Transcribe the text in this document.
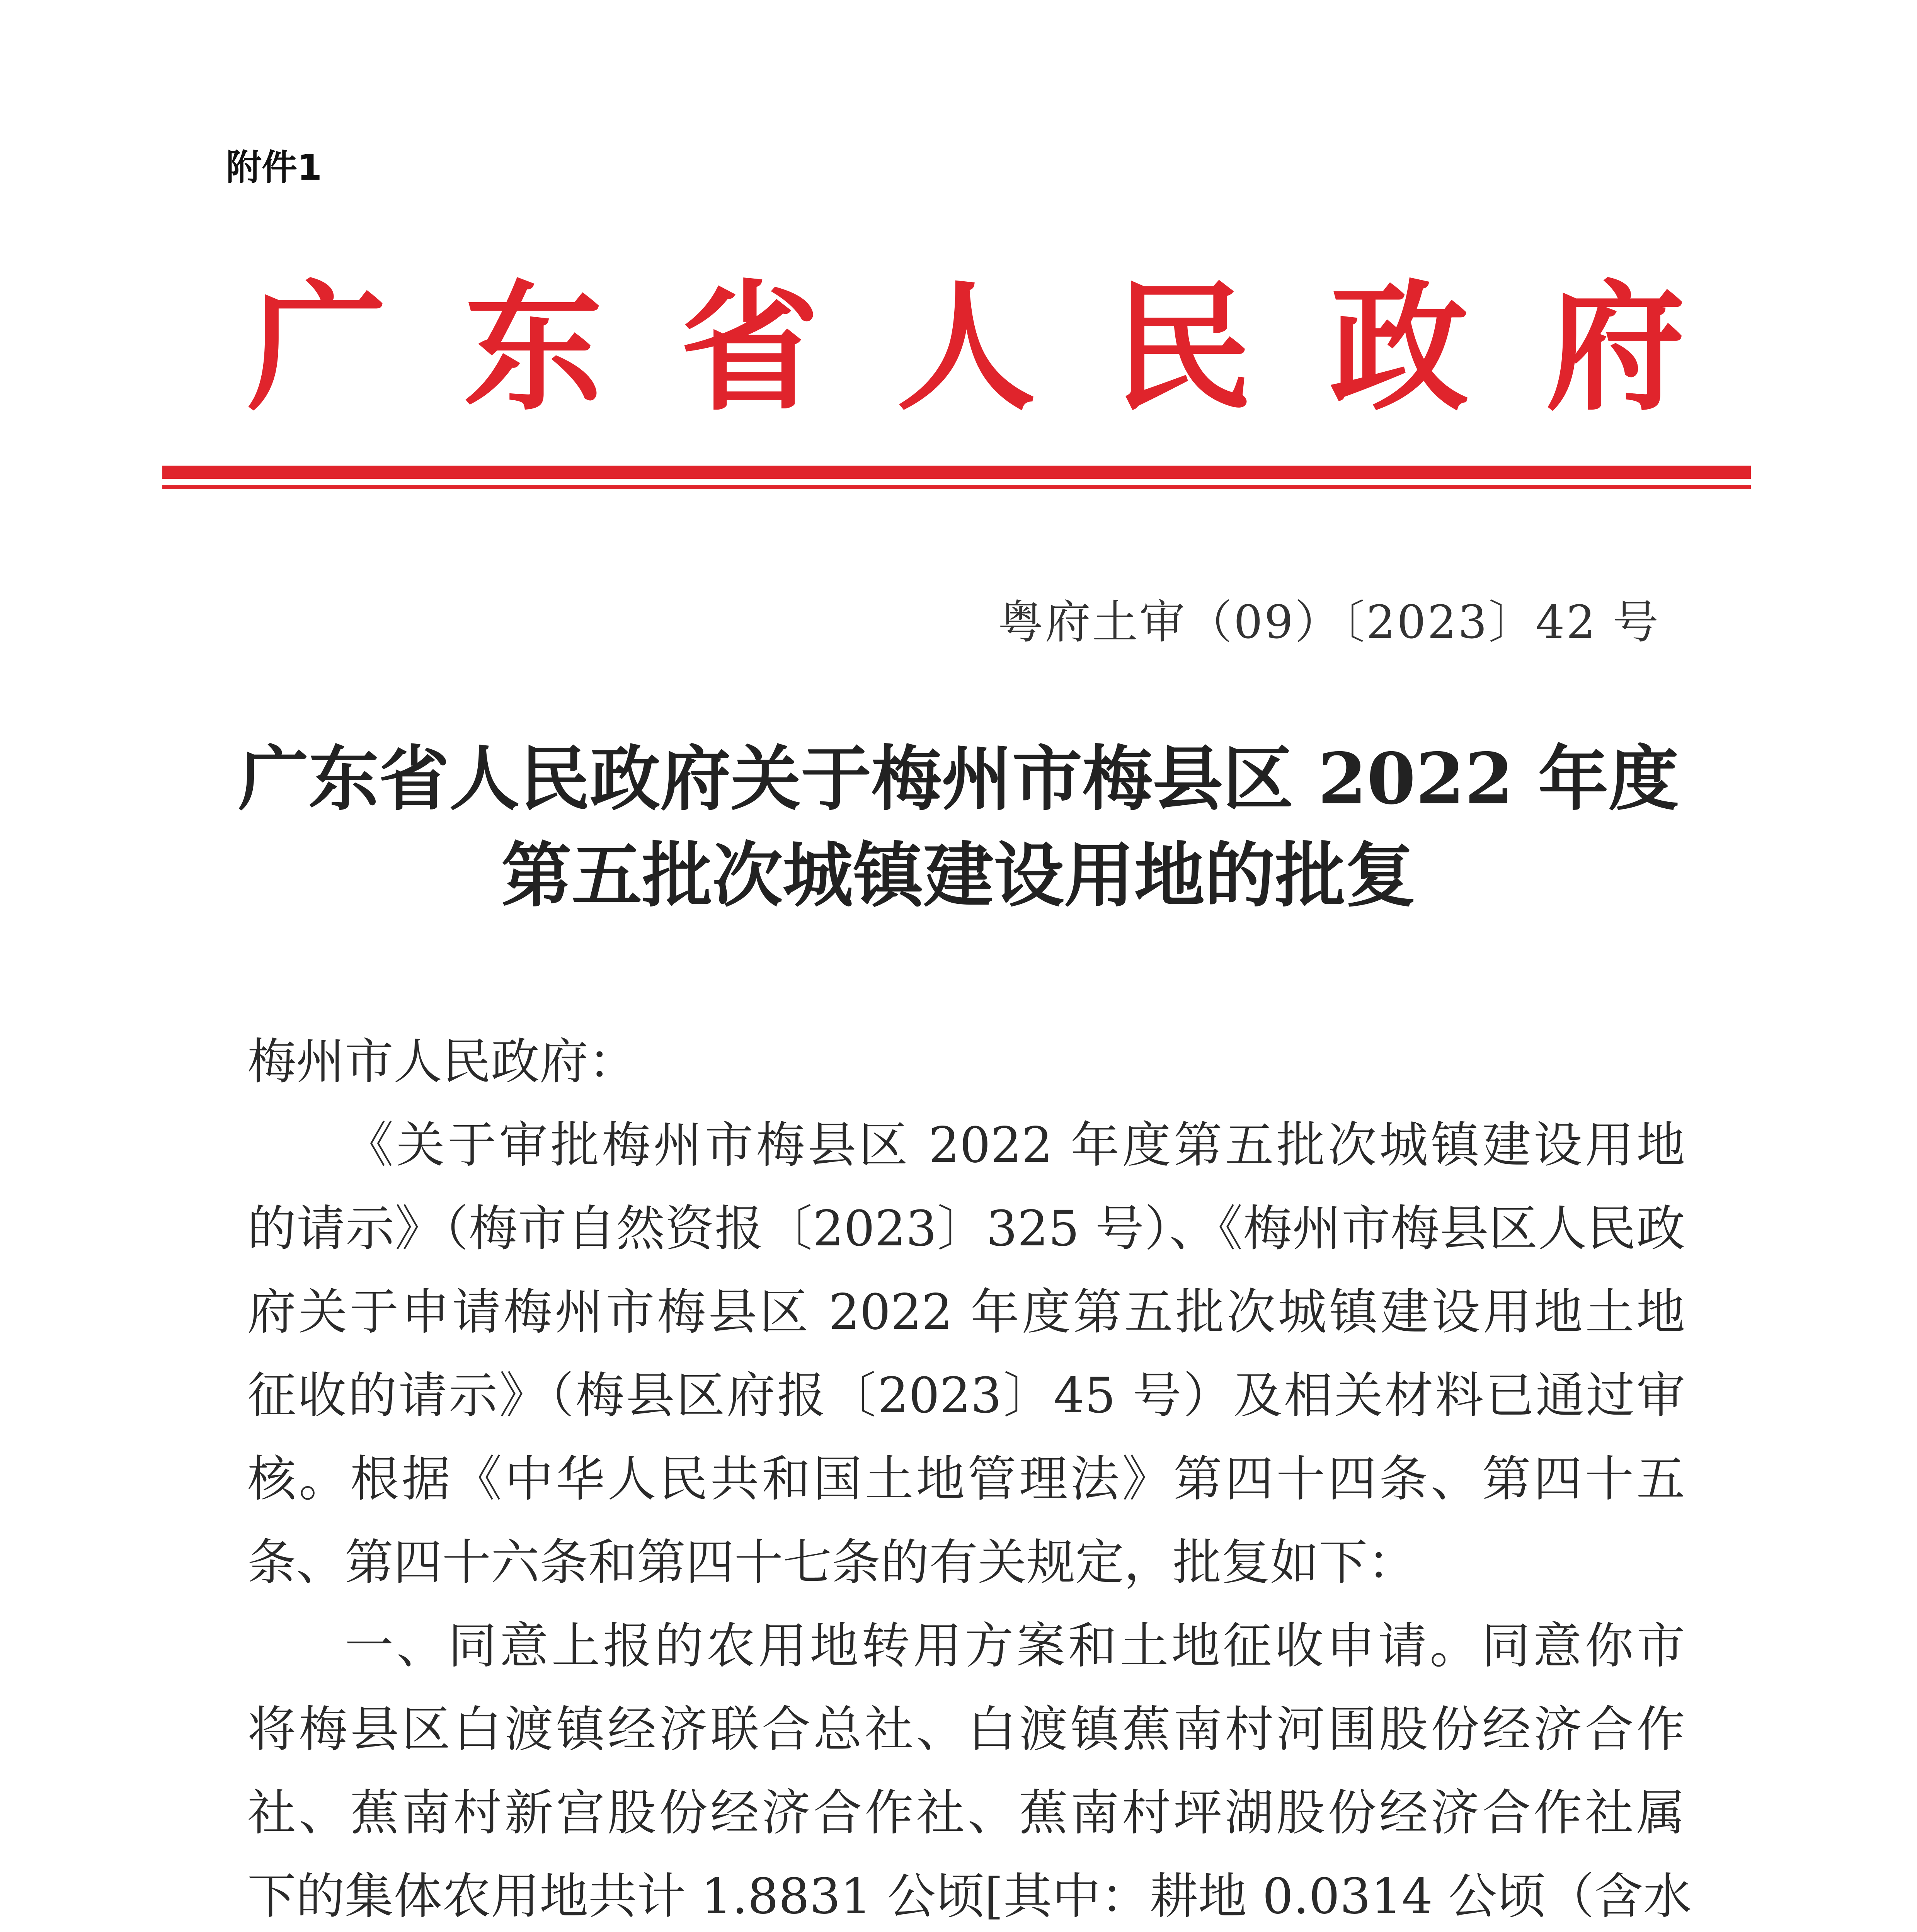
附件1
广 东 省 人 民 政 府
粤府土审（09）〔2023〕42 号
广东省人民政府关于梅州市梅县区 2022 年度
第五批次城镇建设用地的批复
梅州市人民政府：
《关于审批梅州市梅县区 2022 年度第五批次城镇建设用地
的请示》（梅市自然资报〔2023〕325 号）、《梅州市梅县区人民政
府关于申请梅州市梅县区 2022 年度第五批次城镇建设用地土地
征收的请示》（梅县区府报〔2023〕45 号）及相关材料已通过审
核。根据《中华人民共和国土地管理法》第四十四条、第四十五
条、第四十六条和第四十七条的有关规定，批复如下：
一、同意上报的农用地转用方案和土地征收申请。同意你市
将梅县区白渡镇经济联合总社、白渡镇蕉南村河围股份经济合作
社、蕉南村新宫股份经济合作社、蕉南村坪湖股份经济合作社属
下的集体农用地共计 1.8831 公顷[其中：耕地 0.0314 公顷（含水
